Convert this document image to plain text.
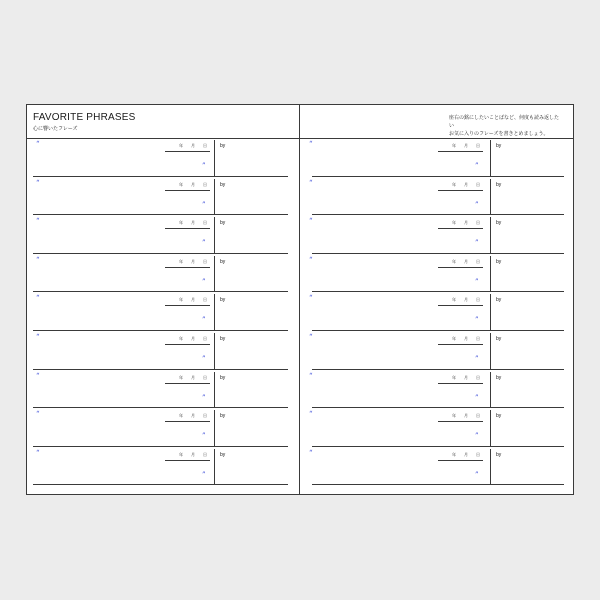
FAVORITE PHRASES
心に響いたフレーズ
“	年 月 日
”
by
“	年 月 日
”
by
“	年 月 日
”
by
“	年 月 日
”
by
“	年 月 日
”
by
“	年 月 日
”
by
“	年 月 日
”
by
“	年 月 日
”
by
“	年 月 日
”
by
座右の銘にしたいことばなど、何度も読み返したい
お気に入りのフレーズを書きとめましょう。
“	年 月 日
”
by
“	年 月 日
”
by
“	年 月 日
”
by
“	年 月 日
”
by
“	年 月 日
”
by
“	年 月 日
”
by
“	年 月 日
”
by
“	年 月 日
”
by
“	年 月 日
”
by
